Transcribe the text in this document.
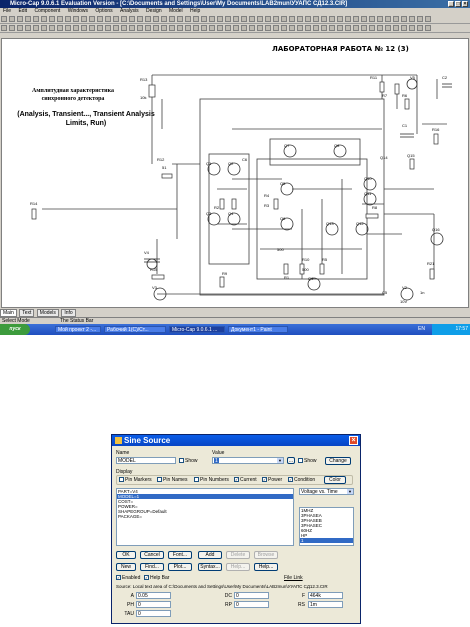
Micro-Cap 9.0.6.1 Evaluation Version - [C:\Documents and Settings\User\My Documents\LAB2mun\УУАПС СД12.3.CIR]	_ □ ×
File Edit Component Windows Options Analysis Design Model Help
R13
10k
R12
51
C6
R2
R4
R3
R11
R7	R6
R10
500
R5
R1
R9
Q1	Q2
Q3	Q4
Q5
Q6
Q7	Q8
Q9
Q10
Q11
Q12
Q13
Q14	Q15
Q16
V2
V3
V4
V5
R8
R14
R16
C1
C2
R15
R21
500
10V
C5	1n
ЛАБОРАТОРНАЯ РАБОТА № 12 (3)
Амплитудная характеристика
синхронного детектора
(Analysis, Transient..., Transient Analysis
Limits, Run)
Main Text Models Info
Select Mode	The Status Bar
пуск	Мой проект 2 -...	Рабочий 1(С)/Ст...	Micro-Cap 9.0.6.1 ...	Документ1 - Paint	EN	17:57
Sine Source	×
Name
MODEL	Show
Value
1	▼	...	Show	Change
Display
Pin Markers	Pin Names	Pin Numbers ✓ Current ✓ Power ✓ Condition	Color
PART=V4
MODEL=1
COST=
POWER=
SHAPEGROUP=Default
PACKAGE=
Voltage vs. Time	▼
1MHZ
3PHASEA
3PHASEB
3PHASEC
60HZ
HP
1
OK	Cancel	Font...	Add	Delete	Browse
New	Find...	Plot...	Syntax...	Help...	Help...
✓ Enabled ✓ Help Bar	File Link
Source: Local text area of C:\Documents and Settings\User\My Documents\LAB2mun\УУАПС СД12.3.CIR
A 0.05	DC 0	F	464k
PH 0	RP 0	RS	1m
TAU 0
